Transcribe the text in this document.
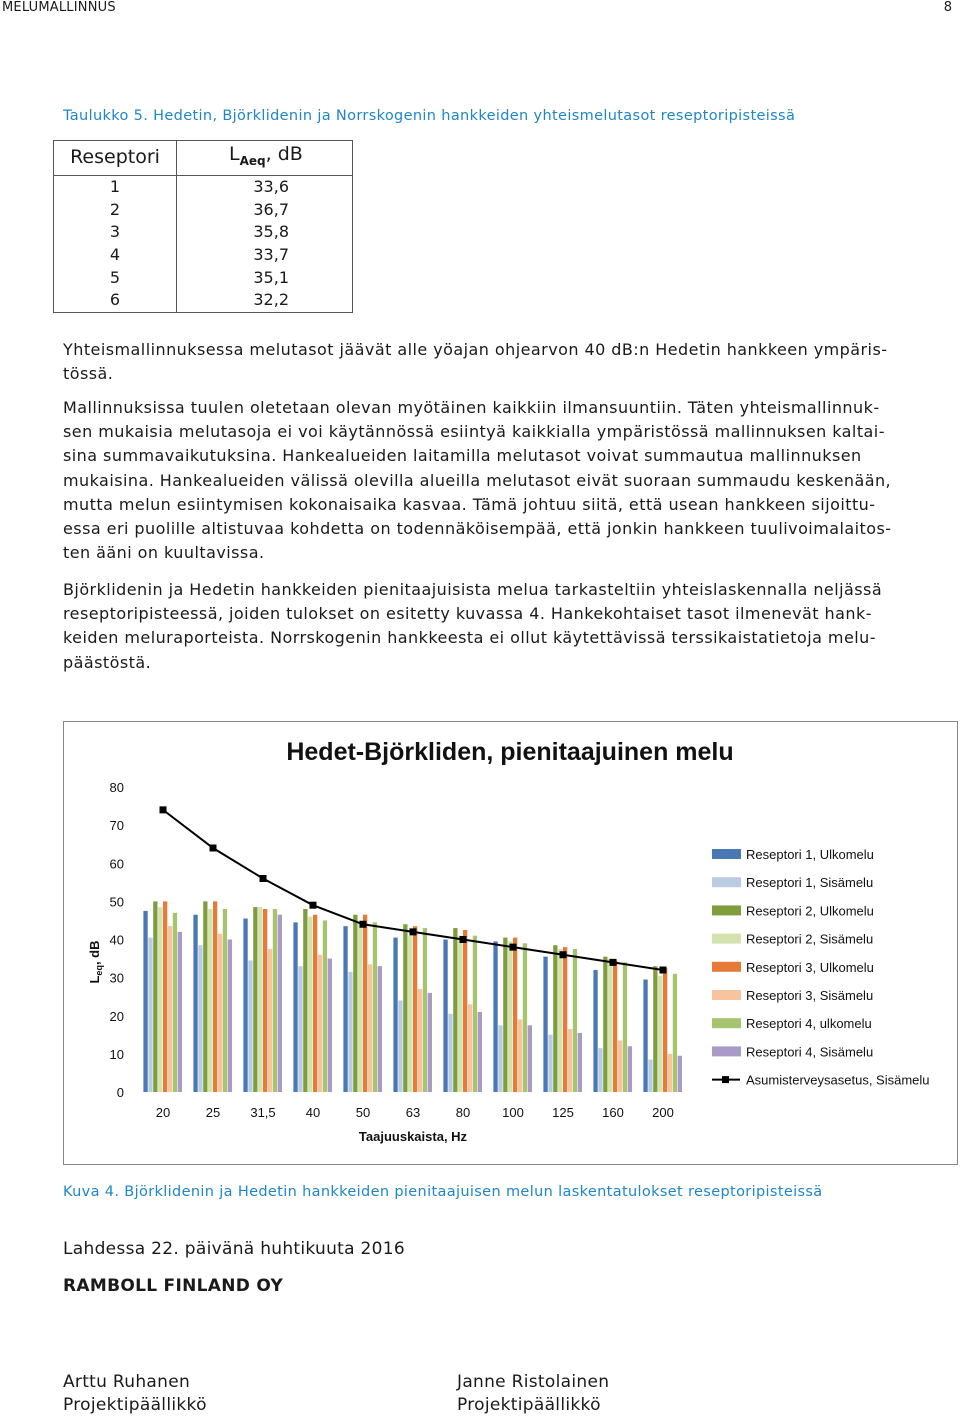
MELUMALLINNUS	8
Taulukko 5. Hedetin, Björklidenin ja Norrskogenin hankkeiden yhteismelutasot reseptoripisteissä
Reseptori	$L_{Aeq}$, dB
1	33,6
2	36,7
3	35,8
4	33,7
5	35,1
6	32,2
Yhteismallinnuksessa melutasot jäävät alle yöajan ohjearvon 40 dB:n Hedetin hankkeen ympäris-
tössä.
Mallinnuksissa tuulen oletetaan olevan myötäinen kaikkiin ilmansuuntiin. Täten yhteismallinnuk-
sen mukaisia melutasoja ei voi käytännössä esiintyä kaikkialla ympäristössä mallinnuksen kaltai-
sina summavaikutuksina. Hankealueiden laitamilla melutasot voivat summautua mallinnuksen
mukaisina. Hankealueiden välissä olevilla alueilla melutasot eivät suoraan summaudu keskenään,
mutta melun esiintymisen kokonaisaika kasvaa. Tämä johtuu siitä, että usean hankkeen sijoittu-
essa eri puolille altistuvaa kohdetta on todennäköisempää, että jonkin hankkeen tuulivoimalaitos-
ten ääni on kuultavissa.
Björklidenin ja Hedetin hankkeiden pienitaajuisista melua tarkasteltiin yhteislaskennalla neljässä
reseptoripisteessä, joiden tulokset on esitetty kuvassa 4. Hankekohtaiset tasot ilmenevät hank-
keiden meluraporteista. Norrskogenin hankkeesta ei ollut käytettävissä terssikaistatietoja melu-
päästöstä.
Hedet-Björkliden, pienitaajuinen melu
0
10
20
30
40
50
60
70
80
$L_{eq}$, dB
20	25 31,5 40	50	63	80 100 125 160 200
Taajuuskaista, Hz
Reseptori 1, Ulkomelu
Reseptori 1, Sisämelu
Reseptori 2, Ulkomelu
Reseptori 2, Sisämelu
Reseptori 3, Ulkomelu
Reseptori 3, Sisämelu
Reseptori 4, ulkomelu
Reseptori 4, Sisämelu
Asumisterveysasetus, Sisämelu
Kuva 4. Björklidenin ja Hedetin hankkeiden pienitaajuisen melun laskentatulokset reseptoripisteissä
Lahdessa 22. päivänä huhtikuuta 2016
RAMBOLL FINLAND OY
Arttu Ruhanen
Projektipäällikkö
Janne Ristolainen
Projektipäällikkö
